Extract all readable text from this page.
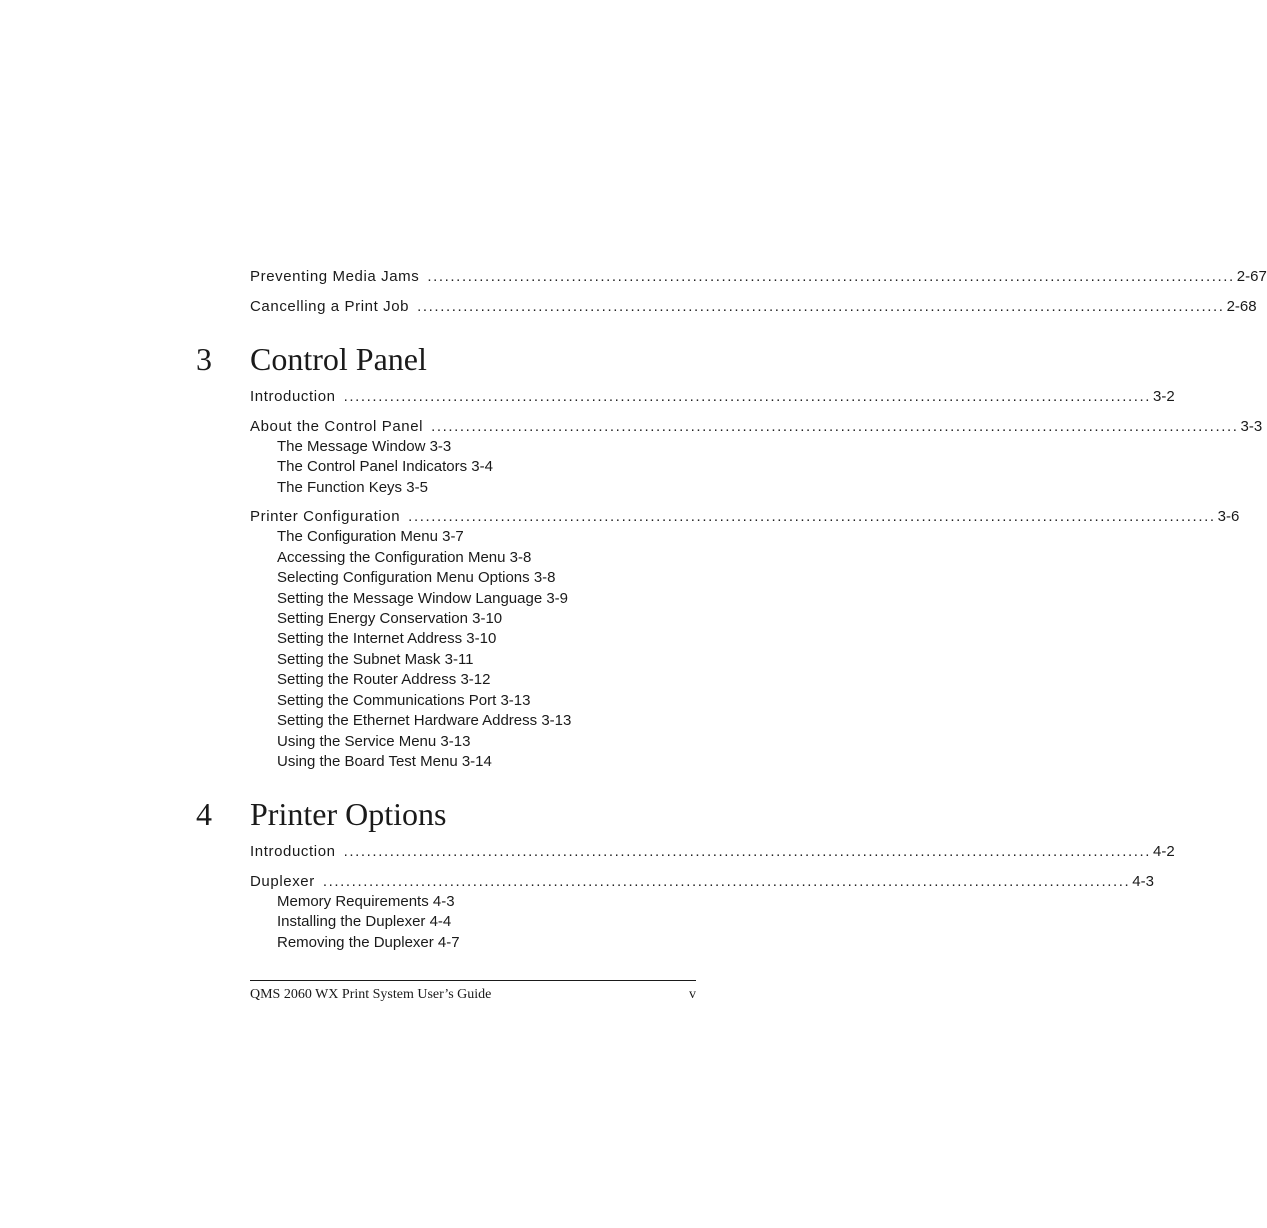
Preventing Media Jams ............................................................................................................................................ 2-67
Cancelling a Print Job ............................................................................................................................................ 2-68
3 Control Panel
Introduction ............................................................................................................................................ 3-2
About the Control Panel ............................................................................................................................................ 3-3
The Message Window 3-3
The Control Panel Indicators 3-4
The Function Keys 3-5
Printer Configuration ............................................................................................................................................ 3-6
The Configuration Menu 3-7
Accessing the Configuration Menu 3-8
Selecting Configuration Menu Options 3-8
Setting the Message Window Language 3-9
Setting Energy Conservation 3-10
Setting the Internet Address 3-10
Setting the Subnet Mask 3-11
Setting the Router Address 3-12
Setting the Communications Port 3-13
Setting the Ethernet Hardware Address 3-13
Using the Service Menu 3-13
Using the Board Test Menu 3-14
4 Printer Options
Introduction ............................................................................................................................................ 4-2
Duplexer ............................................................................................................................................ 4-3
Memory Requirements 4-3
Installing the Duplexer 4-4
Removing the Duplexer 4-7
QMS 2060 WX Print System User’s Guide	v
